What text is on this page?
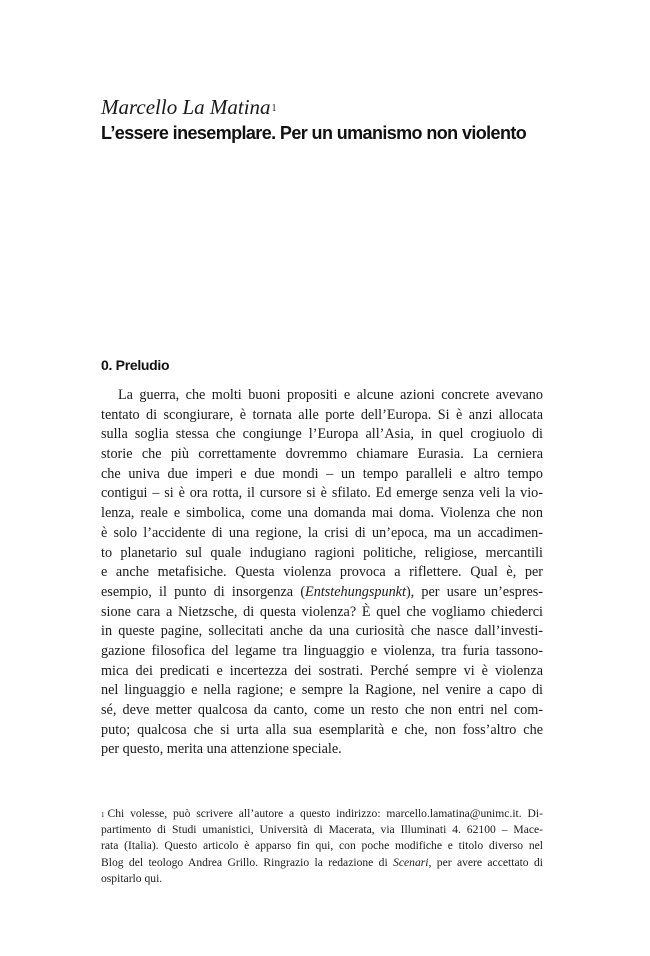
Marcello La Matina$^1$
L’essere inesemplare. Per un umanismo non violento
0. Preludio
La guerra, che molti buoni propositi e alcune azioni concrete avevano
tentato di scongiurare, è tornata alle porte dell’Europa. Si è anzi allocata
sulla soglia stessa che congiunge l’Europa all’Asia, in quel crogiuolo di
storie che più correttamente dovremmo chiamare Eurasia. La cerniera
che univa due imperi e due mondi – un tempo paralleli e altro tempo
contigui – si è ora rotta, il cursore si è sfilato. Ed emerge senza veli la vio-
lenza, reale e simbolica, come una domanda mai doma. Violenza che non
è solo l’accidente di una regione, la crisi di un’epoca, ma un accadimen-
to planetario sul quale indugiano ragioni politiche, religiose, mercantili
e anche metafisiche. Questa violenza provoca a riflettere. Qual è, per
esempio, il punto di insorgenza (Entstehungspunkt), per usare un’espres-
sione cara a Nietzsche, di questa violenza? È quel che vogliamo chiederci
in queste pagine, sollecitati anche da una curiosità che nasce dall’investi-
gazione filosofica del legame tra linguaggio e violenza, tra furia tassono-
mica dei predicati e incertezza dei sostrati. Perché sempre vi è violenza
nel linguaggio e nella ragione; e sempre la Ragione, nel venire a capo di
sé, deve metter qualcosa da canto, come un resto che non entri nel com-
puto; qualcosa che si urta alla sua esemplarità e che, non foss’altro che
per questo, merita una attenzione speciale.
$^1$ Chi volesse, può scrivere all’autore a questo indirizzo: marcello.lamatina@unimc.it. Di-
partimento di Studi umanistici, Università di Macerata, via Illuminati 4. 62100 – Mace-
rata (Italia). Questo articolo è apparso fin qui, con poche modifiche e titolo diverso nel
Blog del teologo Andrea Grillo. Ringrazio la redazione di Scenari, per avere accettato di
ospitarlo qui.
